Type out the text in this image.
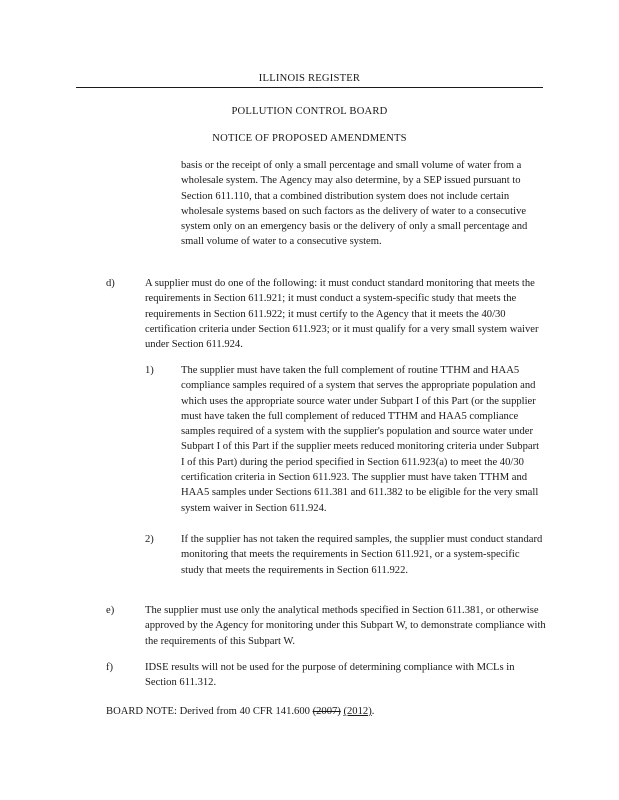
ILLINOIS REGISTER
POLLUTION CONTROL BOARD
NOTICE OF PROPOSED AMENDMENTS
basis or the receipt of only a small percentage and small volume of water from a wholesale system. The Agency may also determine, by a SEP issued pursuant to Section 611.110, that a combined distribution system does not include certain wholesale systems based on such factors as the delivery of water to a consecutive system only on an emergency basis or the delivery of only a small percentage and small volume of water to a consecutive system.
d)	A supplier must do one of the following: it must conduct standard monitoring that meets the requirements in Section 611.921; it must conduct a system-specific study that meets the requirements in Section 611.922; it must certify to the Agency that it meets the 40/30 certification criteria under Section 611.923; or it must qualify for a very small system waiver under Section 611.924.
1)	The supplier must have taken the full complement of routine TTHM and HAA5 compliance samples required of a system that serves the appropriate population and which uses the appropriate source water under Subpart I of this Part (or the supplier must have taken the full complement of reduced TTHM and HAA5 compliance samples required of a system with the supplier's population and source water under Subpart I of this Part if the supplier meets reduced monitoring criteria under Subpart I of this Part) during the period specified in Section 611.923(a) to meet the 40/30 certification criteria in Section 611.923. The supplier must have taken TTHM and HAA5 samples under Sections 611.381 and 611.382 to be eligible for the very small system waiver in Section 611.924.
2)	If the supplier has not taken the required samples, the supplier must conduct standard monitoring that meets the requirements in Section 611.921, or a system-specific study that meets the requirements in Section 611.922.
e)	The supplier must use only the analytical methods specified in Section 611.381, or otherwise approved by the Agency for monitoring under this Subpart W, to demonstrate compliance with the requirements of this Subpart W.
f)	IDSE results will not be used for the purpose of determining compliance with MCLs in Section 611.312.
BOARD NOTE: Derived from 40 CFR 141.600 (2007) (2012).
